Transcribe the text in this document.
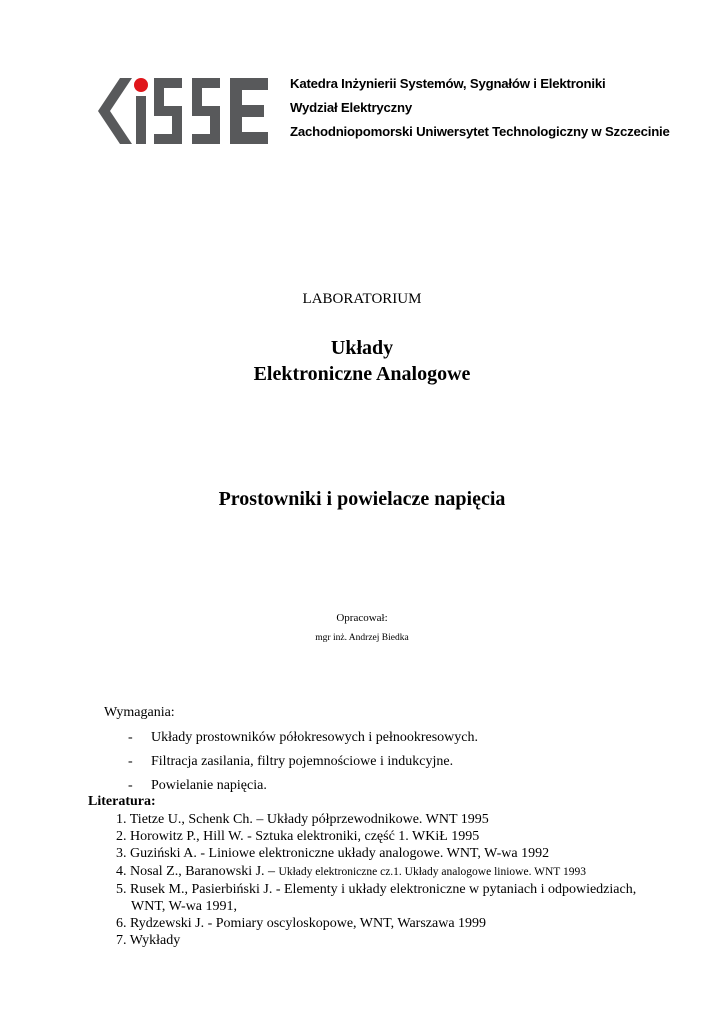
Katedra Inżynierii Systemów, Sygnałów i Elektroniki
Wydział Elektryczny
Zachodniopomorski Uniwersytet Technologiczny w Szczecinie
LABORATORIUM
Układy
Elektroniczne Analogowe
Prostowniki i powielacze napięcia
Opracował:
mgr inż. Andrzej Biedka
Wymagania:
- Układy prostowników półokresowych i pełnookresowych.
- Filtracja zasilania, filtry pojemnościowe i indukcyjne.
- Powielanie napięcia.
Literatura:
1. Tietze U., Schenk Ch. – Układy półprzewodnikowe. WNT 1995
2. Horowitz P., Hill W. - Sztuka elektroniki, część 1. WKiŁ 1995
3. Guziński A. - Liniowe elektroniczne układy analogowe. WNT, W-wa 1992
4. Nosal Z., Baranowski J. – Układy elektroniczne cz.1. Układy analogowe liniowe. WNT 1993
5. Rusek M., Pasierbiński J. - Elementy i układy elektroniczne w pytaniach i odpowiedziach,
WNT, W-wa 1991,
6. Rydzewski J. - Pomiary oscyloskopowe, WNT, Warszawa 1999
7. Wykłady
